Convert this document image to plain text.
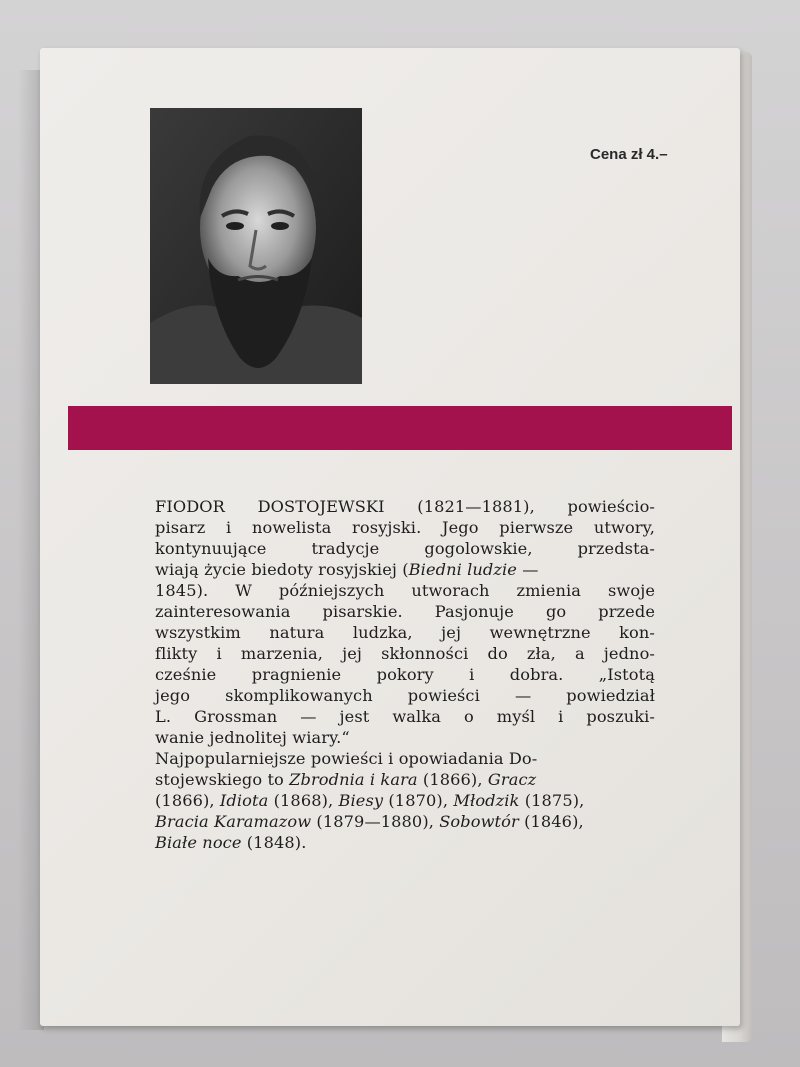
Cena zł 4.–
FIODOR DOSTOJEWSKI (1821—1881), powieścio-
pisarz i nowelista rosyjski. Jego pierwsze utwory,
kontynuujące tradycje gogolowskie, przedsta-
wiają życie biedoty rosyjskiej (Biedni ludzie —
1845). W późniejszych utworach zmienia swoje
zainteresowania pisarskie. Pasjonuje go przede
wszystkim natura ludzka, jej wewnętrzne kon-
flikty i marzenia, jej skłonności do zła, a jedno-
cześnie pragnienie pokory i dobra. „Istotą
jego skomplikowanych powieści — powiedział
L. Grossman — jest walka o myśl i poszuki-
wanie jednolitej wiary.“
Najpopularniejsze powieści i opowiadania Do-
stojewskiego to Zbrodnia i kara (1866), Gracz
(1866), Idiota (1868), Biesy (1870), Młodzik (1875),
Bracia Karamazow (1879—1880), Sobowtór (1846),
Białe noce (1848).
